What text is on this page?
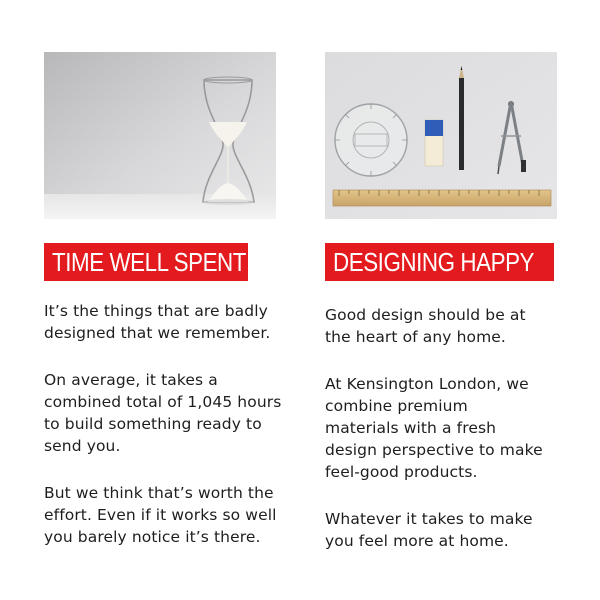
TIME WELL SPENT

It’s the things that are badly
designed that we remember.

On average, it takes a
combined total of 1,045 hours
to build something ready to
send you.

But we think that’s worth the
effort. Even if it works so well
you barely notice it’s there.

DESIGNING HAPPY

Good design should be at
the heart of any home.

At Kensington London, we
combine premium
materials with a fresh
design perspective to make
feel-good products.

Whatever it takes to make
you feel more at home.
